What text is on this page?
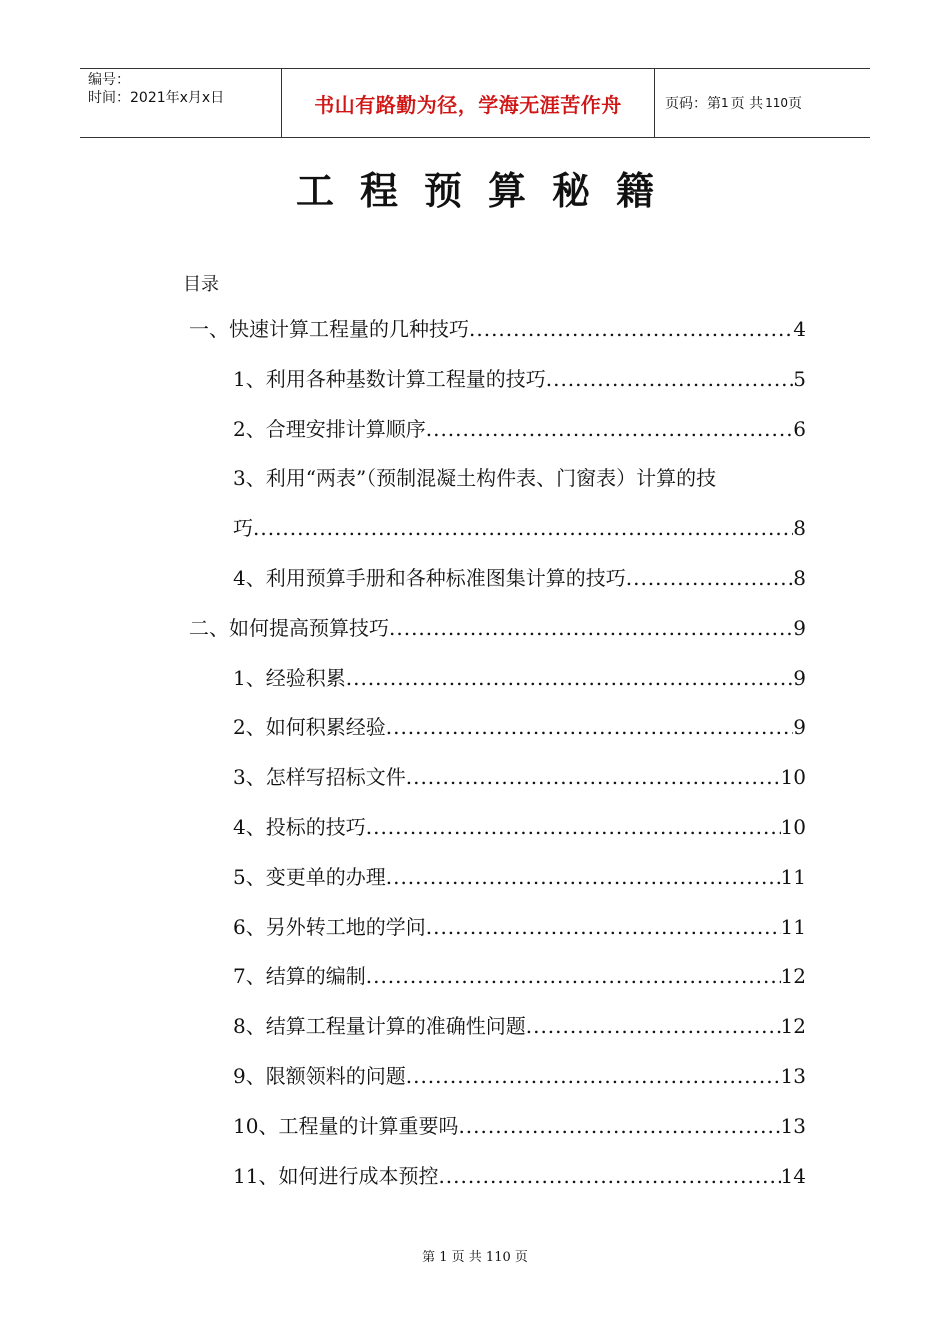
编号：
时间：2021年x月x日	书山有路勤为径，学海无涯苦作舟	页码：第 1 页 共 110 页
工程预算秘籍
目录
一、快速计算工程量的几种技巧 .....	4
1、利用各种基数计算工程量的技巧 .....	5
2、合理安排计算顺序 .....	6
3、利用“两表”（预制混凝土构件表、门窗表）计算的技
巧 .....	8
4、利用预算手册和各种标准图集计算的技巧 .....	8
二、如何提高预算技巧 .....	9
1、经验积累 .....	9
2、如何积累经验 .....	9
3、怎样写招标文件 .....	10
4、投标的技巧 .....	10
5、变更单的办理 .....	11
6、另外转工地的学问 .....	11
7、结算的编制 .....	12
8、结算工程量计算的准确性问题 .....	12
9、限额领料的问题 .....	13
10、工程量的计算重要吗 .....	13
11、如何进行成本预控 .....	14
第 1 页 共 110 页
